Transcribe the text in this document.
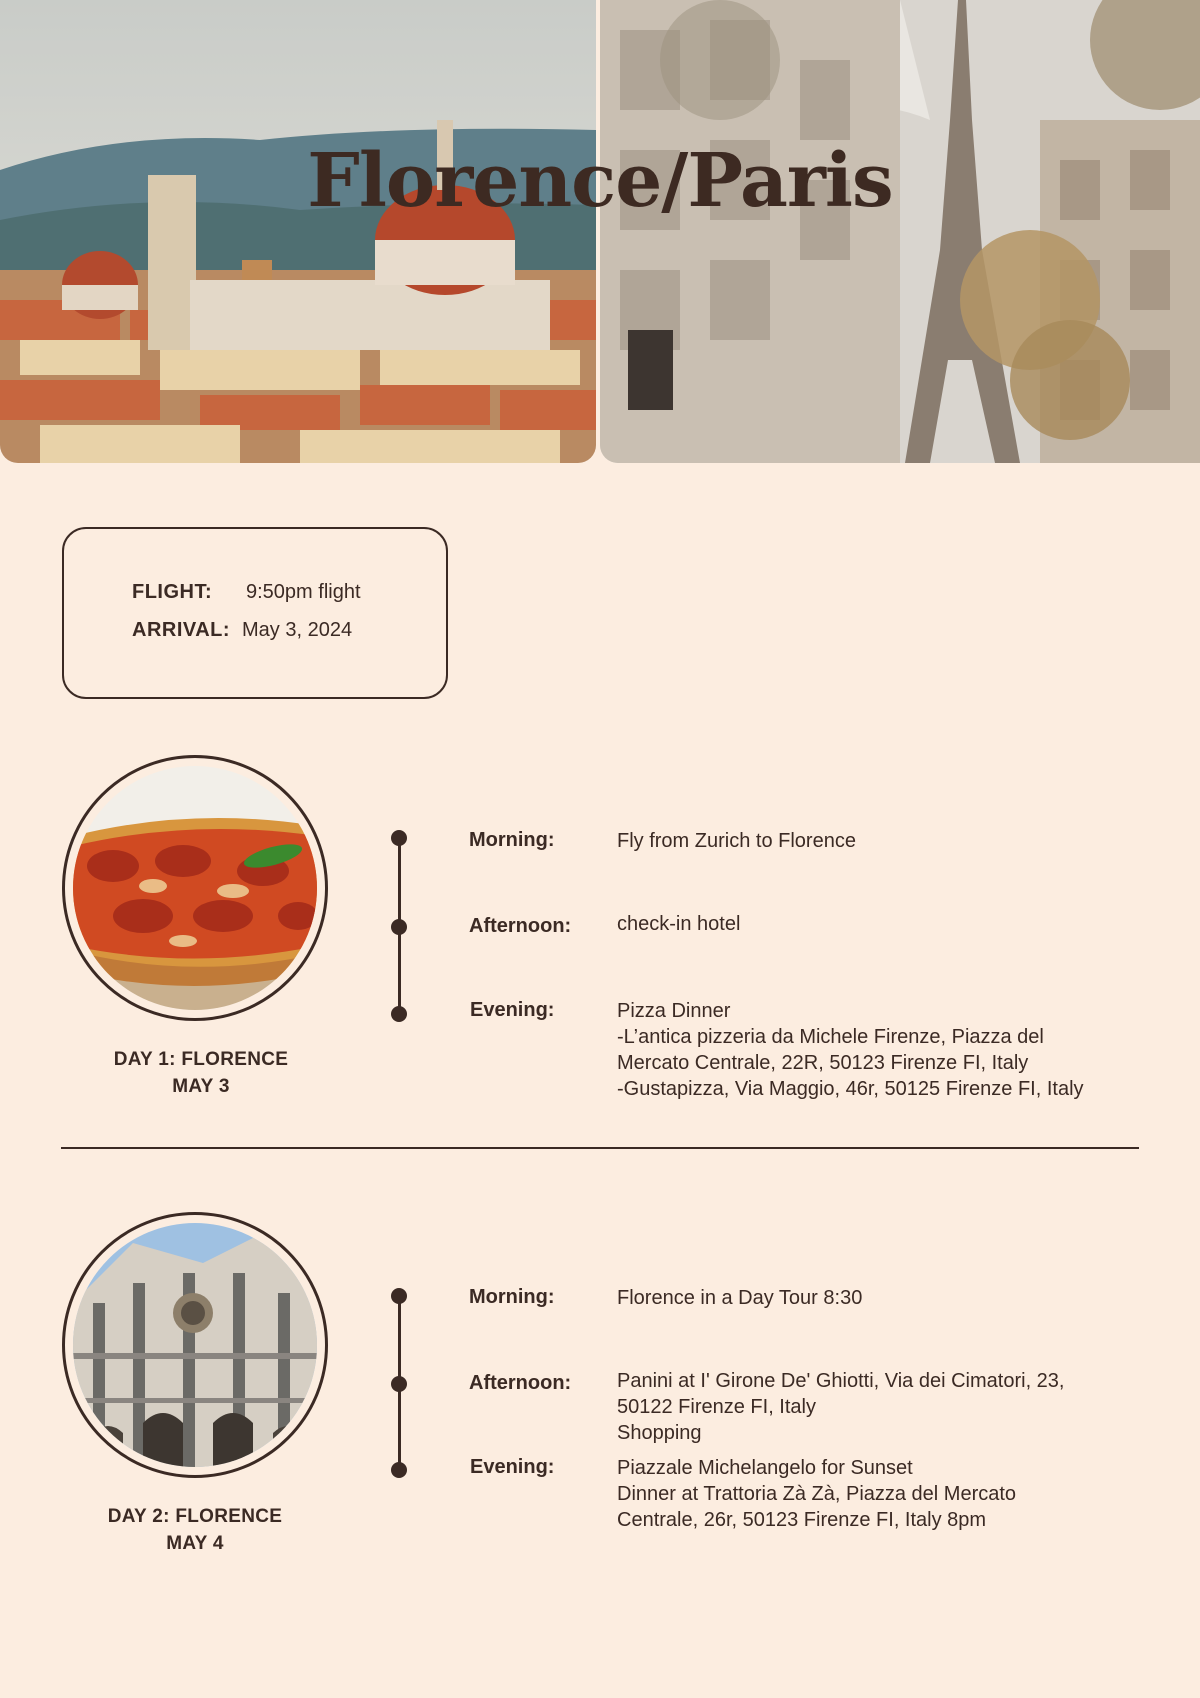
Florence/Paris
FLIGHT: 9:50pm flight
ARRIVAL: May 3, 2024
DAY 1: FLORENCE
MAY 3
Morning:	Fly from Zurich to Florence
Afternoon: check-in hotel
Evening:	Pizza Dinner
-L’antica pizzeria da Michele Firenze, Piazza del
Mercato Centrale, 22R, 50123 Firenze FI, Italy
-Gustapizza, Via Maggio, 46r, 50125 Firenze FI, Italy
DAY 2: FLORENCE
MAY 4
Morning:	Florence in a Day Tour 8:30
Afternoon: Panini at I' Girone De' Ghiotti, Via dei Cimatori, 23,
50122 Firenze FI, Italy
Shopping
Evening:	Piazzale Michelangelo for Sunset
Dinner at Trattoria Zà Zà, Piazza del Mercato
Centrale, 26r, 50123 Firenze FI, Italy 8pm
